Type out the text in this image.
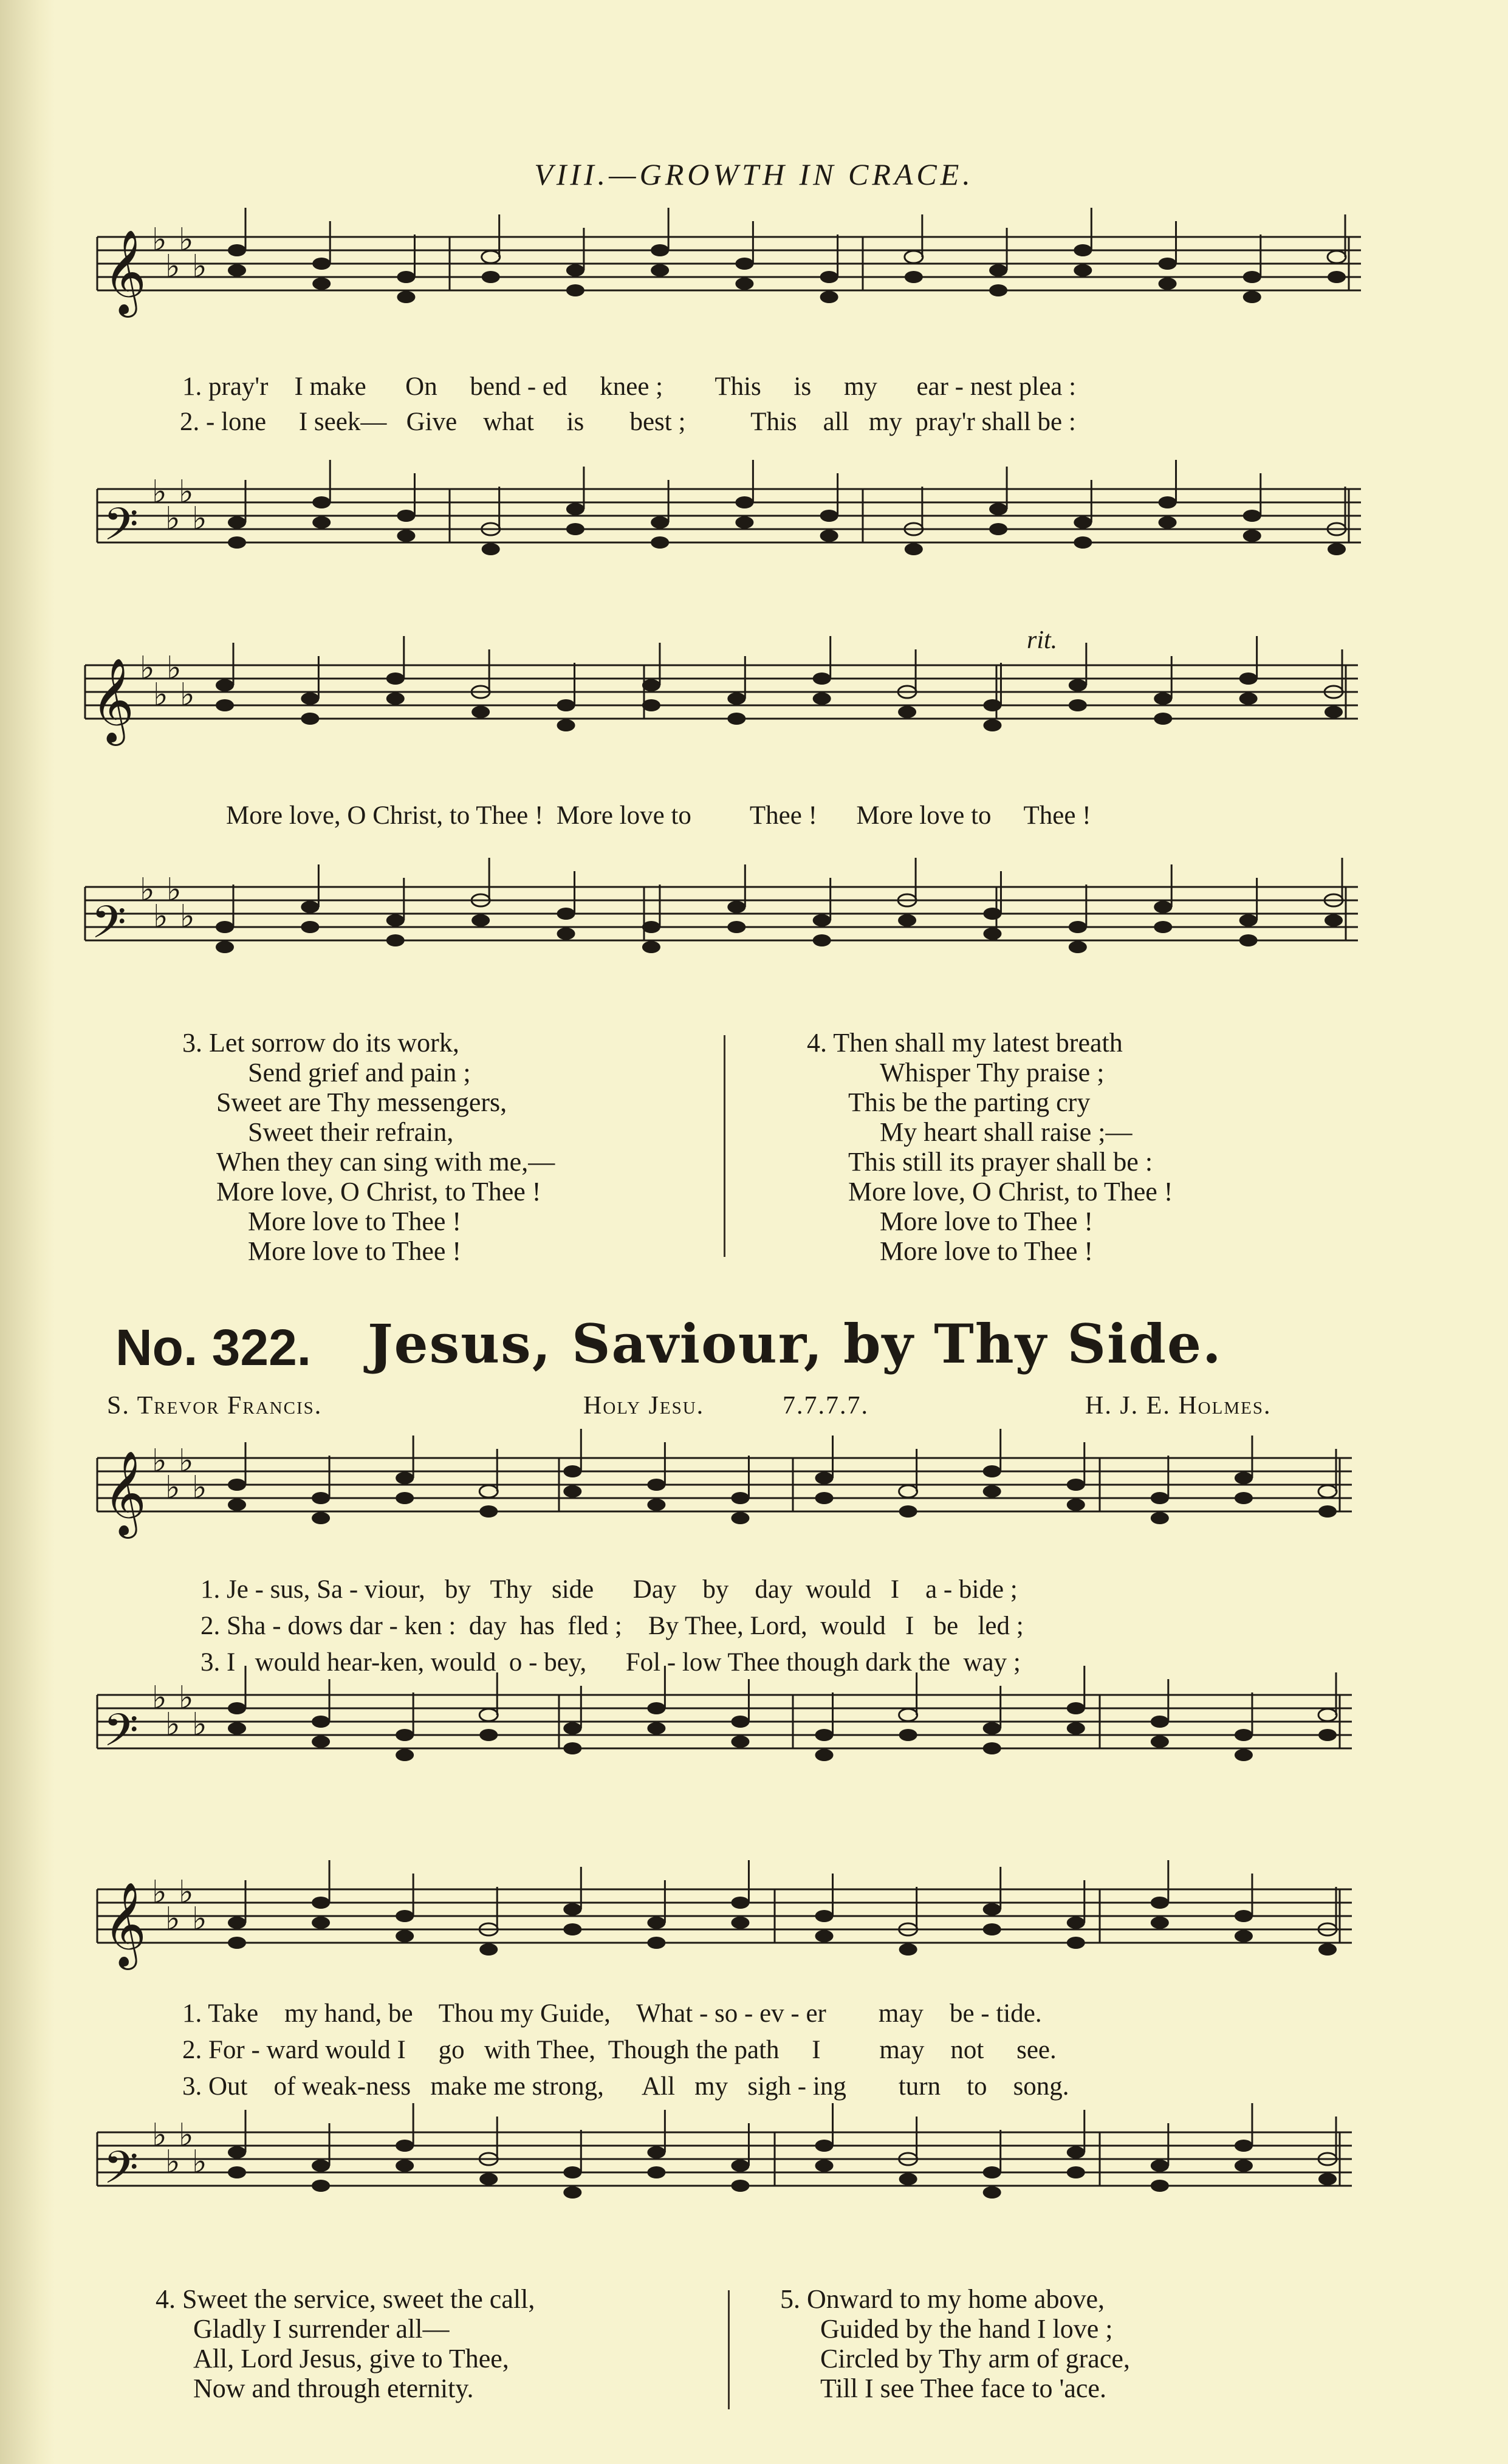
VIII.—GROWTH IN CRACE.
𝄞 ♭
♭
♭
♭
𝄢
♭
♭
♭
♭
𝄞 ♭
♭
♭
♭
𝄢
♭
♭
♭
♭
𝄞 ♭
♭
♭
♭
𝄢
♭
♭
♭
♭
𝄞 ♭
♭
♭
♭
𝄢
♭
♭
♭
♭
1. pray'r I make On bend - ed knee ; This is my ear - nest plea :
2. - lone I seek— Give what is best ; This all my pray'r shall be :
rit.
More love, O Christ, to Thee ! More love to Thee ! More love to Thee !
3. Let sorrow do its work,
Send grief and pain ;
Sweet are Thy messengers,
Sweet their refrain,
When they can sing with me,—
More love, O Christ, to Thee !
More love to Thee !
More love to Thee !
4. Then shall my latest breath
Whisper Thy praise ;
This be the parting cry
My heart shall raise ;—
This still its prayer shall be :
More love, O Christ, to Thee !
More love to Thee !
More love to Thee !
No. 322. Jesus, Saviour, by Thy Side.
S. Trevor Francis.	Holy Jesu.	7.7.7.7.	H. J. E. Holmes.
1. Je - sus, Sa - viour, by Thy side Day by day would I a - bide ;
2. Sha - dows dar - ken : day has fled ; By Thee, Lord, would I be led ;
3. I would hear-ken, would o - bey, Fol - low Thee though dark the way ;
1. Take my hand, be Thou my Guide, What - so - ev - er may be - tide.
2. For - ward would I go with Thee, Though the path I may not see.
3. Out of weak-ness make me strong, All my sigh - ing turn to song.
4. Sweet the service, sweet the call,
Gladly I surrender all—
All, Lord Jesus, give to Thee,
Now and through eternity.
5. Onward to my home above,
Guided by the hand I love ;
Circled by Thy arm of grace,
Till I see Thee face to 'ace.
